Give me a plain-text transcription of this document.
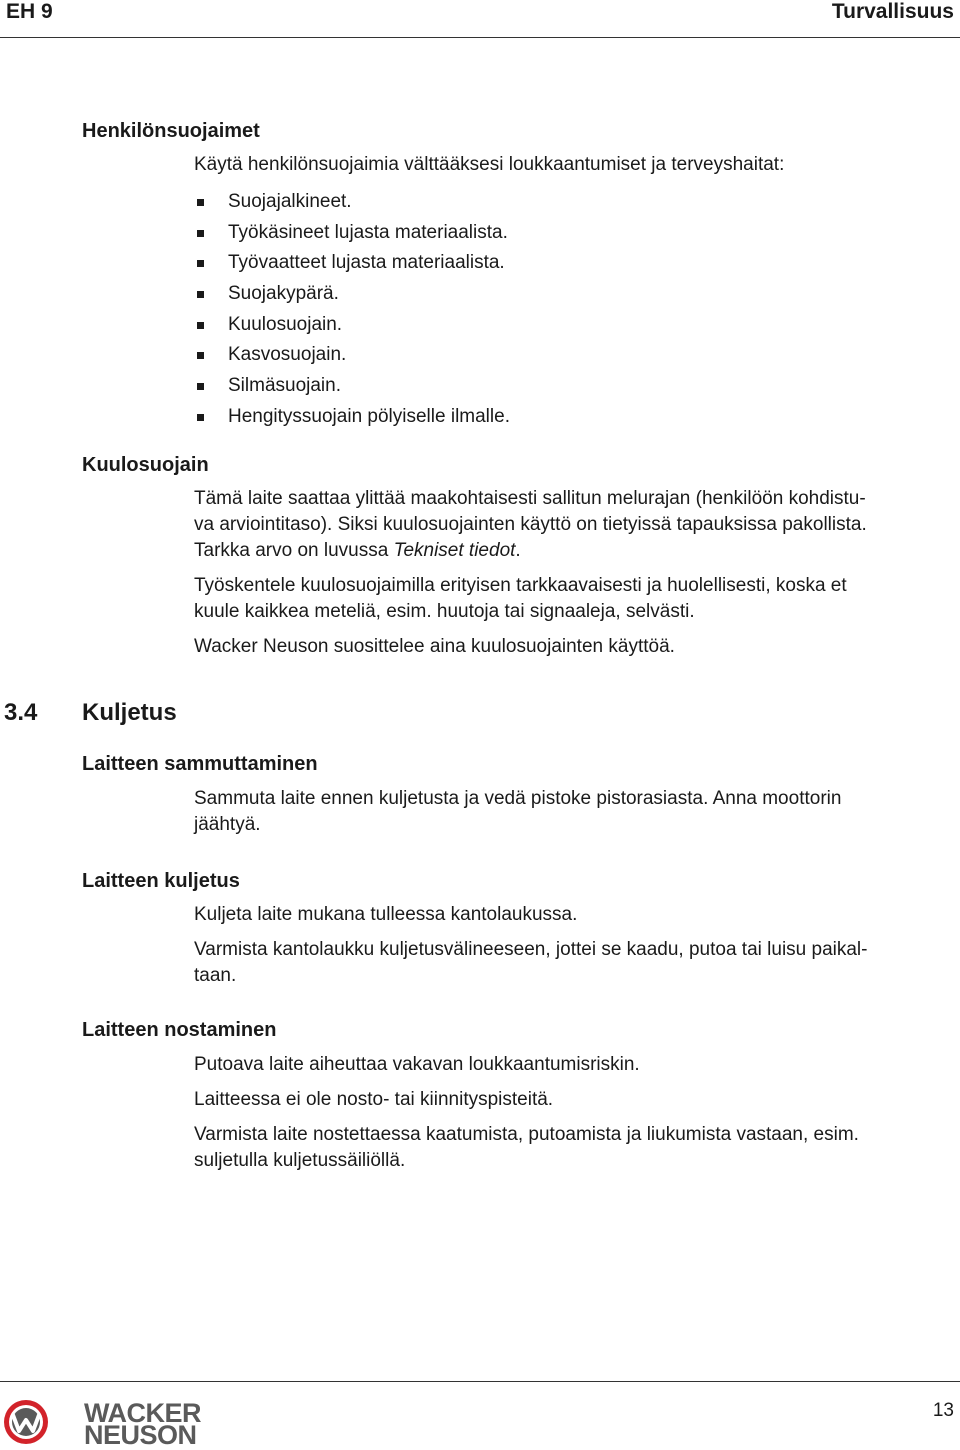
EH 9	Turvallisuus
Henkilönsuojaimet

Käytä henkilönsuojaimia välttääksesi loukkaantumiset ja terveyshaitat:

Suojajalkineet.
Työkäsineet lujasta materiaalista.
Työvaatteet lujasta materiaalista.
Suojakypärä.
Kuulosuojain.
Kasvosuojain.
Silmäsuojain.
Hengityssuojain pölyiselle ilmalle.
Kuulosuojain

Tämä laite saattaa ylittää maakohtaisesti sallitun melurajan (henkilöön kohdistu-
va arviointitaso). Siksi kuulosuojainten käyttö on tietyissä tapauksissa pakollista.
Tarkka arvo on luvussa Tekniset tiedot.

Työskentele kuulosuojaimilla erityisen tarkkaavaisesti ja huolellisesti, koska et
kuule kaikkea meteliä, esim. huutoja tai signaaleja, selvästi.

Wacker Neuson suosittelee aina kuulosuojainten käyttöä.

3.4 Kuljetus
Laitteen sammuttaminen

Sammuta laite ennen kuljetusta ja vedä pistoke pistorasiasta. Anna moottorin
jäähtyä.

Laitteen kuljetus

Kuljeta laite mukana tulleessa kantolaukussa.

Varmista kantolaukku kuljetusvälineeseen, jottei se kaadu, putoa tai luisu paikal-
taan.

Laitteen nostaminen

Putoava laite aiheuttaa vakavan loukkaantumisriskin.

Laitteessa ei ole nosto- tai kiinnityspisteitä.

Varmista laite nostettaessa kaatumista, putoamista ja liukumista vastaan, esim.
suljetulla kuljetussäiliöllä.

WACKER
NEUSON
13
